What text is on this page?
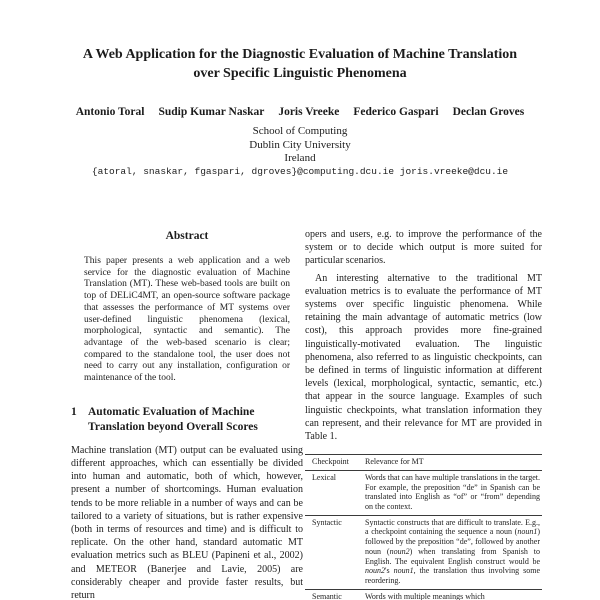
A Web Application for the Diagnostic Evaluation of Machine Translation
over Specific Linguistic Phenomena
Antonio Toral Sudip Kumar Naskar Joris Vreeke Federico Gaspari Declan Groves
School of Computing
Dublin City University
Ireland
{atoral, snaskar, fgaspari, dgroves}@computing.dcu.ie joris.vreeke@dcu.ie
Abstract
This paper presents a web application and a web service for the diagnostic evaluation of Machine Translation (MT). These web-based tools are built on top of DELiC4MT, an open-source software package that assesses the performance of MT systems over user-defined linguistic phenomena (lexical, morphological, syntactic and semantic). The advantage of the web-based scenario is clear; compared to the standalone tool, the user does not need to carry out any installation, configuration or maintenance of the tool.
1 Automatic Evaluation of Machine Translation beyond Overall Scores
Machine translation (MT) output can be evaluated using different approaches, which can essentially be divided into human and automatic, both of which, however, present a number of shortcomings. Human evaluation tends to be more reliable in a number of ways and can be tailored to a variety of situations, but is rather expensive (both in terms of resources and time) and is difficult to replicate. On the other hand, standard automatic MT evaluation metrics such as BLEU (Papineni et al., 2002) and METEOR (Banerjee and Lavie, 2005) are considerably cheaper and provide faster results, but return

opers and users, e.g. to improve the performance of the system or to decide which output is more suited for particular scenarios.

An interesting alternative to the traditional MT evaluation metrics is to evaluate the performance of MT systems over specific linguistic phenomena. While retaining the main advantage of automatic metrics (low cost), this approach provides more fine-grained linguistically-motivated evaluation. The linguistic phenomena, also referred to as linguistic checkpoints, can be defined in terms of linguistic information at different levels (lexical, morphological, syntactic, semantic, etc.) that appear in the source language. Examples of such linguistic checkpoints, what translation information they can represent, and their relevance for MT are provided in Table 1.

Checkpoint	Relevance for MT
Lexical	Words that can have multiple translations in the target. For example, the preposition “de” in Spanish can be translated into English as “of” or “from” depending on the context.
Syntactic	Syntactic constructs that are difficult to translate. E.g., a checkpoint containing the sequence a noun (noun1) followed by the preposition “de”, followed by another noun (noun2) when translating from Spanish to English. The equivalent English construct would be noun2's noun1, the translation thus involving some reordering.
Semantic	Words with multiple meanings which
